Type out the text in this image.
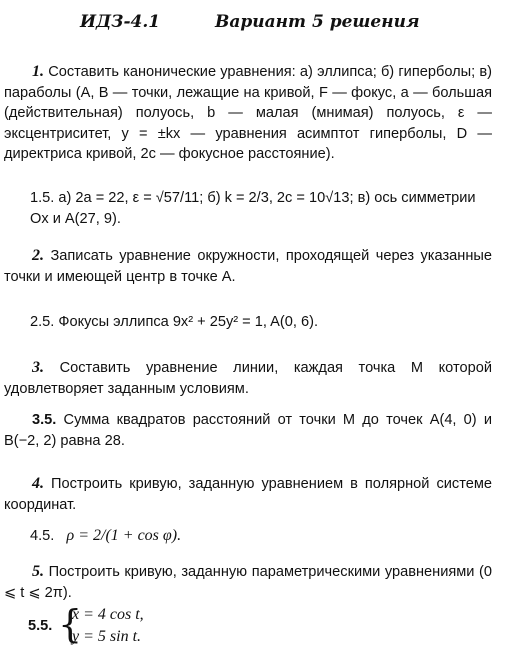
ИДЗ-4.1	Вариант 5 решения
1. Составить канонические уравнения: а) эллипса; б) гиперболы; в) параболы (A, B — точки, лежащие на кривой, F — фокус, a — большая (действительная) полуось, b — малая (мнимая) полуось, ε — эксцентриситет, y = ±kx — уравнения асимптот гиперболы, D — директриса кривой, 2c — фокусное расстояние).
1.5. а) 2a = 22, ε = √57/11; б) k = 2/3, 2c = 10√13; в) ось симметрии Ox и A(27, 9).
2. Записать уравнение окружности, проходящей через указанные точки и имеющей центр в точке A.
2.5. Фокусы эллипса 9x² + 25y² = 1, A(0, 6).
3. Составить уравнение линии, каждая точка M которой удовлетворяет заданным условиям.
3.5. Сумма квадратов расстояний от точки M до точек A(4, 0) и B(−2, 2) равна 28.
4. Построить кривую, заданную уравнением в полярной системе координат.
4.5. ρ = 2/(1 + cos φ).
5. Построить кривую, заданную параметрическими уравнениями (0 ⩽ t ⩽ 2π).
5.5. {
x = 4 cos t,
y = 5 sin t.
